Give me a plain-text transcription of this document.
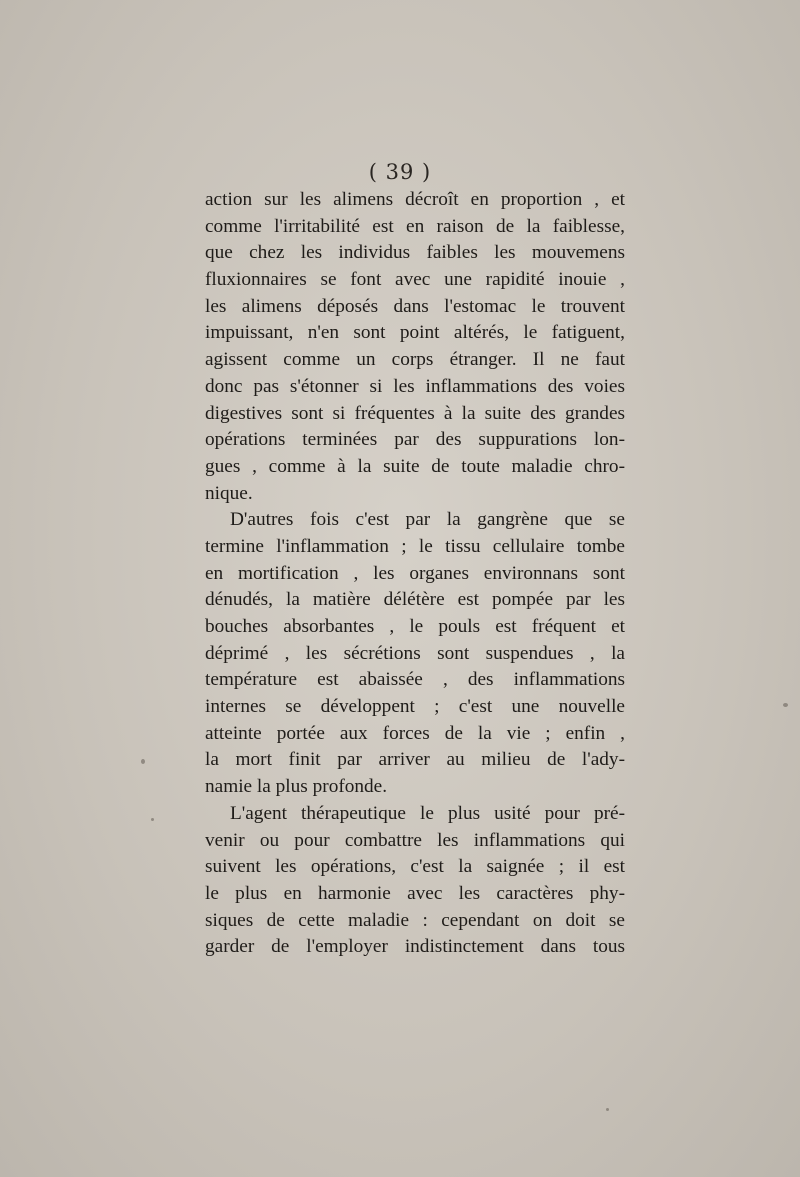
( 39 )
action sur les alimens décroît en proportion , et
comme l'irritabilité est en raison de la faiblesse,
que chez les individus faibles les mouvemens
fluxionnaires se font avec une rapidité inouie ,
les alimens déposés dans l'estomac le trouvent
impuissant, n'en sont point altérés, le fatiguent,
agissent comme un corps étranger. Il ne faut
donc pas s'étonner si les inflammations des voies
digestives sont si fréquentes à la suite des grandes
opérations terminées par des suppurations lon-
gues , comme à la suite de toute maladie chro-
nique.
D'autres fois c'est par la gangrène que se
termine l'inflammation ; le tissu cellulaire tombe
en mortification , les organes environnans sont
dénudés, la matière délétère est pompée par les
bouches absorbantes , le pouls est fréquent et
déprimé , les sécrétions sont suspendues , la
température est abaissée , des inflammations
internes se développent ; c'est une nouvelle
atteinte portée aux forces de la vie ; enfin ,
la mort finit par arriver au milieu de l'ady-
namie la plus profonde.
L'agent thérapeutique le plus usité pour pré-
venir ou pour combattre les inflammations qui
suivent les opérations, c'est la saignée ; il est
le plus en harmonie avec les caractères phy-
siques de cette maladie : cependant on doit se
garder de l'employer indistinctement dans tous
